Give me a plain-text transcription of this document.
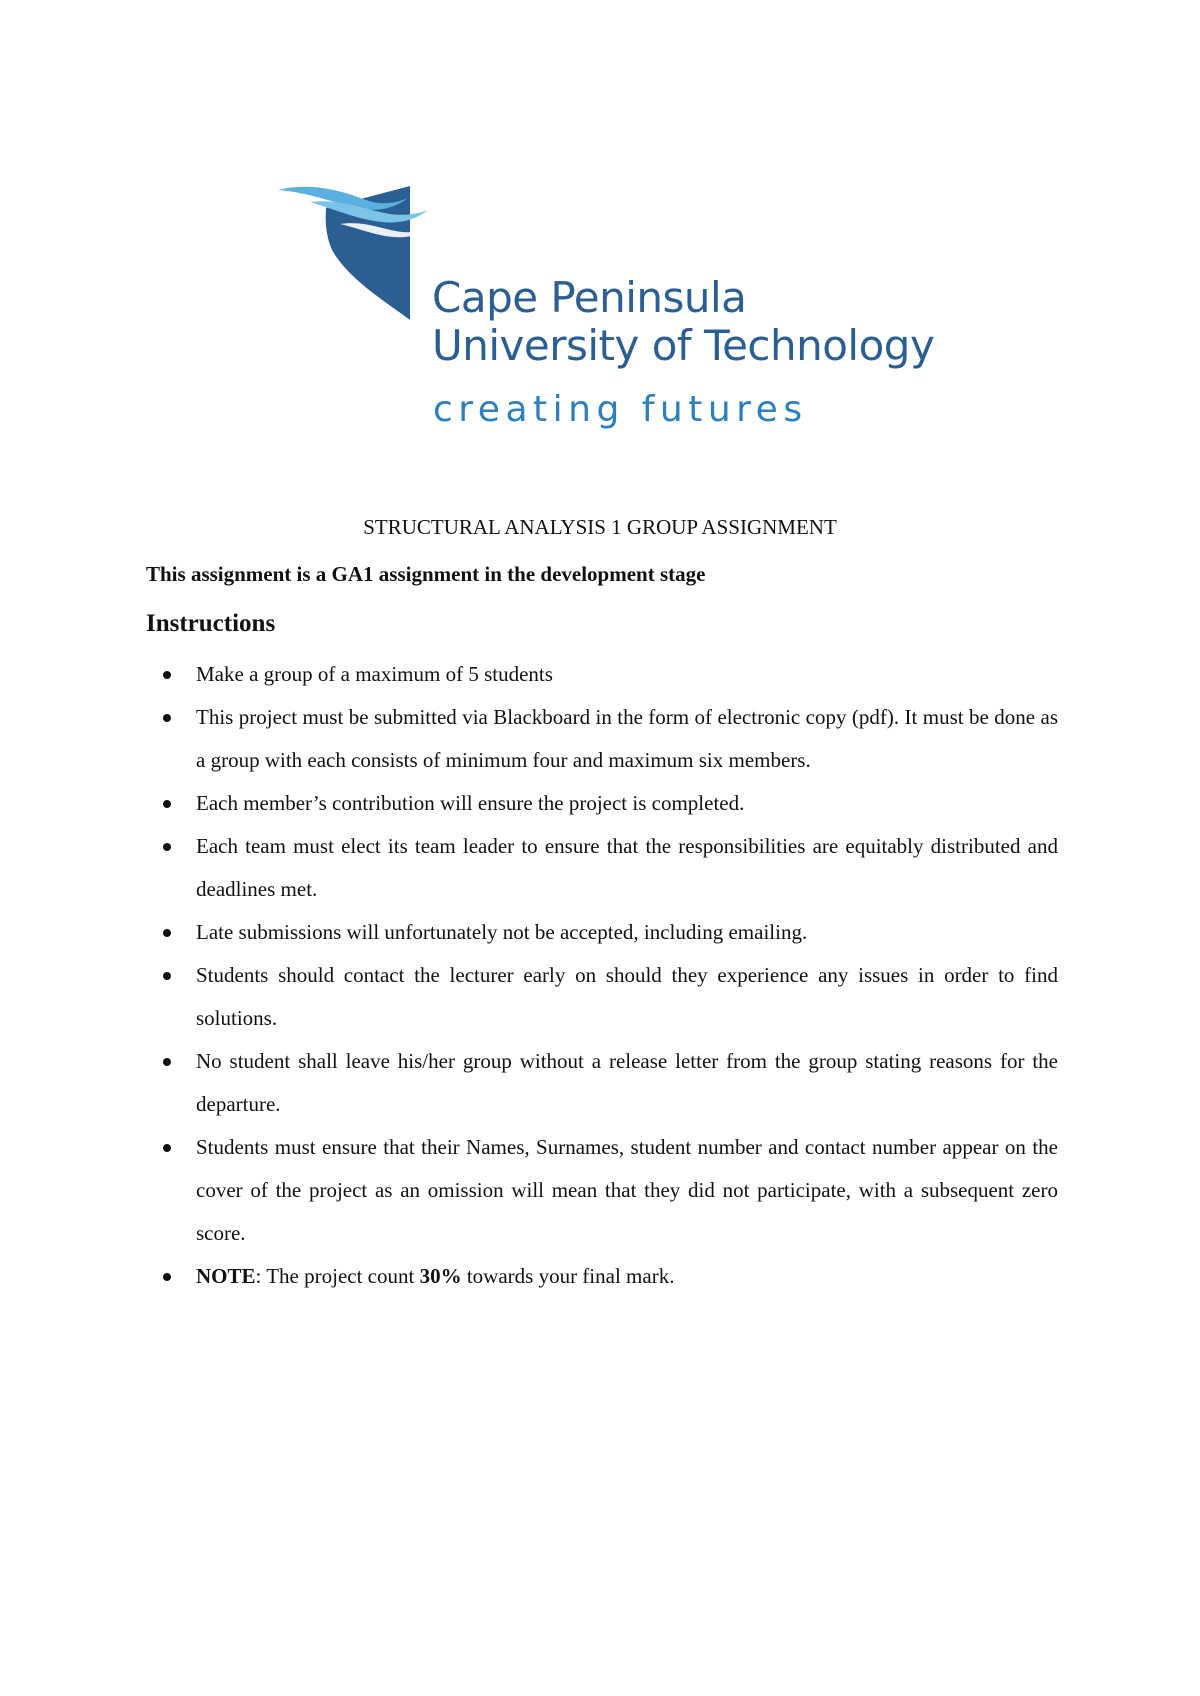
Cape Peninsula
University of Technology
creating futures
STRUCTURAL ANALYSIS 1 GROUP ASSIGNMENT
This assignment is a GA1 assignment in the development stage
Instructions
Make a group of a maximum of 5 students
This project must be submitted via Blackboard in the form of electronic copy (pdf). It must be done as a group with each consists of minimum four and maximum six members.
Each member’s contribution will ensure the project is completed.
Each team must elect its team leader to ensure that the responsibilities are equitably distributed and deadlines met.
Late submissions will unfortunately not be accepted, including emailing.
Students should contact the lecturer early on should they experience any issues in order to find solutions.
No student shall leave his/her group without a release letter from the group stating reasons for the departure.
Students must ensure that their Names, Surnames, student number and contact number appear on the cover of the project as an omission will mean that they did not participate, with a subsequent zero score.
NOTE: The project count 30% towards your final mark.
